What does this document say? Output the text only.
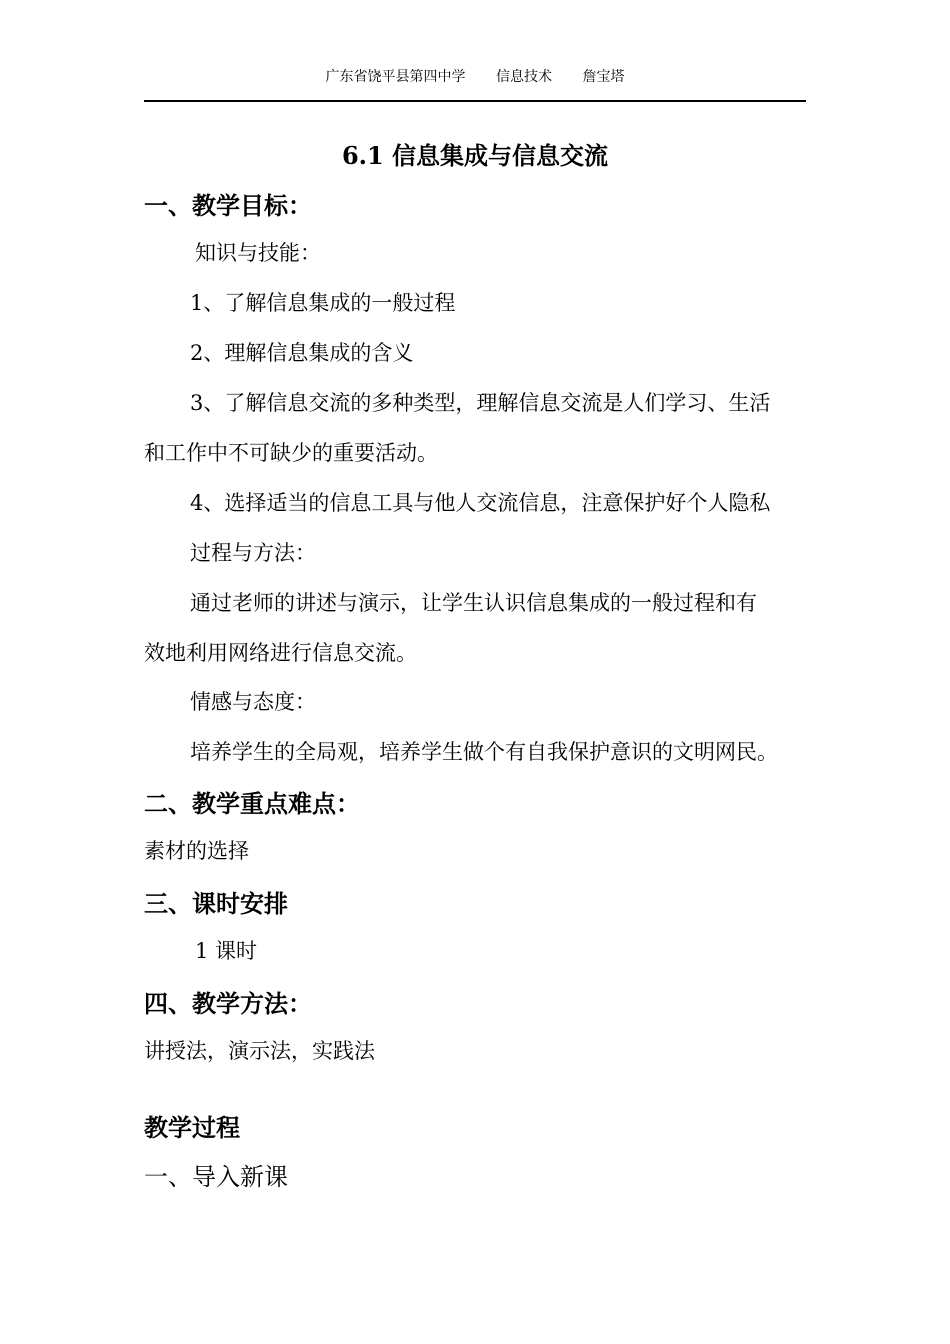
广东省饶平县第四中学 信息技术 詹宝塔
6.1 信息集成与信息交流
一、教学目标：
知识与技能：
1、了解信息集成的一般过程
2、理解信息集成的含义
3、了解信息交流的多种类型，理解信息交流是人们学习、生活
和工作中不可缺少的重要活动。
4、选择适当的信息工具与他人交流信息，注意保护好个人隐私
过程与方法：
通过老师的讲述与演示，让学生认识信息集成的一般过程和有
效地利用网络进行信息交流。
情感与态度：
培养学生的全局观，培养学生做个有自我保护意识的文明网民。
二、教学重点难点：
素材的选择
三、课时安排
1 课时
四、教学方法：
讲授法，演示法，实践法
教学过程
一、导入新课
